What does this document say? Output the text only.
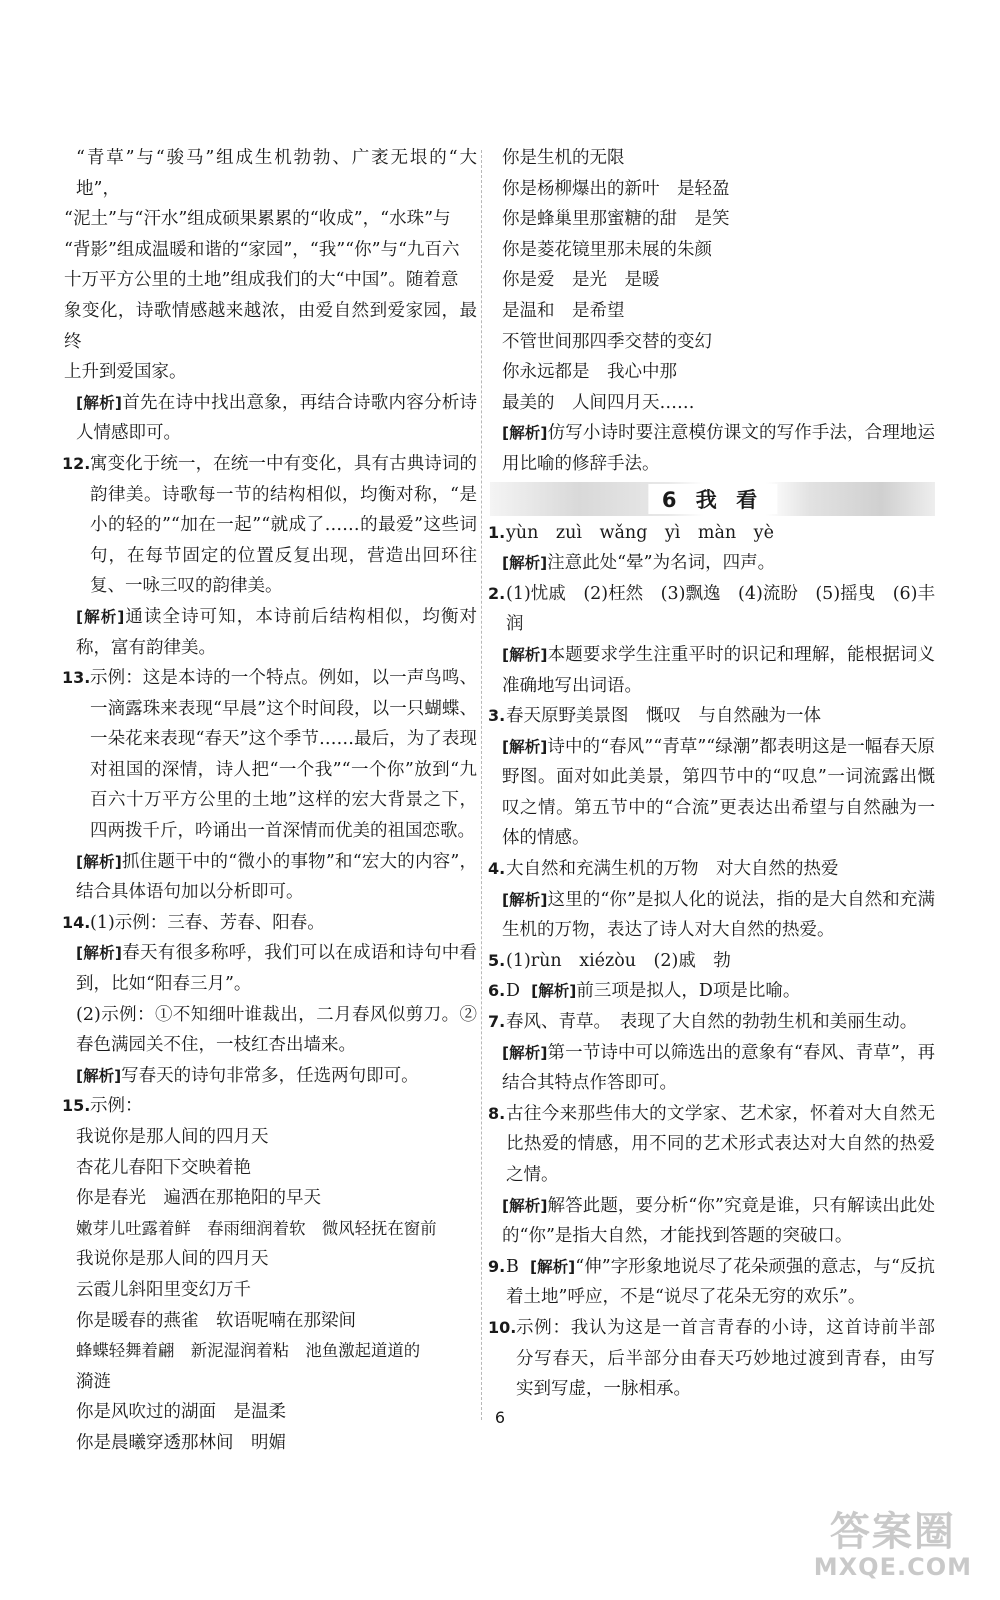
“青草”与“骏马”组成生机勃勃、广袤无垠的“大地”，

“泥土”与“汗水”组成硕果累累的“收成”，“水珠”与

“背影”组成温暖和谐的“家园”，“我”“你”与“九百六

十万平方公里的土地”组成我们的大“中国”。随着意

象变化，诗歌情感越来越浓，由爱自然到爱家园，最终

上升到爱国家。

[解析]首先在诗中找出意象，再结合诗歌内容分析诗人情感即可。

12. 寓变化于统一，在统一中有变化，具有古典诗词的韵律美。诗歌每一节的结构相似，均衡对称，“是小的轻的”“加在一起”“就成了……的最爱”这些词句，在每节固定的位置反复出现，营造出回环往复、一咏三叹的韵律美。

[解析]通读全诗可知，本诗前后结构相似，均衡对称，富有韵律美。

13. 示例：这是本诗的一个特点。例如，以一声鸟鸣、一滴露珠来表现“早晨”这个时间段，以一只蝴蝶、一朵花来表现“春天”这个季节……最后，为了表现对祖国的深情，诗人把“一个我”“一个你”放到“九百六十万平方公里的土地”这样的宏大背景之下，四两拨千斤，吟诵出一首深情而优美的祖国恋歌。

[解析]抓住题干中的“微小的事物”和“宏大的内容”，结合具体语句加以分析即可。

14. (1)示例：三春、芳春、阳春。

[解析]春天有很多称呼，我们可以在成语和诗句中看到，比如“阳春三月”。

(2)示例：①不知细叶谁裁出，二月春风似剪刀。②春色满园关不住，一枝红杏出墙来。

[解析]写春天的诗句非常多，任选两句即可。

15. 示例：

我说你是那人间的四月天

杏花儿春阳下交映着艳

你是春光　遍洒在那艳阳的早天

嫩芽儿吐露着鲜　春雨细润着软　微风轻抚在窗前

我说你是那人间的四月天

云霞儿斜阳里变幻万千

你是暖春的燕雀　软语呢喃在那梁间

蜂蝶轻舞着翩　新泥湿润着粘　池鱼激起道道的

漪涟

你是风吹过的湖面　是温柔

你是晨曦穿透那林间　明媚

你是生机的无限

你是杨柳爆出的新叶　是轻盈

你是蜂巢里那蜜糖的甜　是笑

你是菱花镜里那未展的朱颜

你是爱　是光　是暖

是温和　是希望

不管世间那四季交替的变幻

你永远都是　我心中那

最美的　人间四月天……

[解析]仿写小诗时要注意模仿课文的写作手法，合理地运用比喻的修辞手法。

6 我 看
1. yùn　zuì　wǎng　yì　màn　yè

[解析]注意此处“晕”为名词，四声。

2. (1)忧戚　(2)枉然　(3)飘逸　(4)流盼　(5)摇曳　(6)丰润

[解析]本题要求学生注重平时的识记和理解，能根据词义准确地写出词语。

3. 春天原野美景图　慨叹　与自然融为一体

[解析]诗中的“春风”“青草”“绿潮”都表明这是一幅春天原野图。面对如此美景，第四节中的“叹息”一词流露出慨叹之情。第五节中的“合流”更表达出希望与自然融为一体的情感。

4. 大自然和充满生机的万物　对大自然的热爱

[解析]这里的“你”是拟人化的说法，指的是大自然和充满生机的万物，表达了诗人对大自然的热爱。

5. (1)rùn　xiézòu　(2)戚　勃
6. D [解析]前三项是拟人，D项是比喻。
7. 春风、青草。　表现了大自然的勃勃生机和美丽生动。

[解析]第一节诗中可以筛选出的意象有“春风、青草”，再结合其特点作答即可。

8. 古往今来那些伟大的文学家、艺术家，怀着对大自然无比热爱的情感，用不同的艺术形式表达对大自然的热爱之情。

[解析]解答此题，要分析“你”究竟是谁，只有解读出此处的“你”是指大自然，才能找到答题的突破口。

9. B [解析]“伸”字形象地说尽了花朵顽强的意志，与“反抗着土地”呼应，不是“说尽了花朵无穷的欢乐”。
10. 示例：我认为这是一首言青春的小诗，这首诗前半部分写春天，后半部分由春天巧妙地过渡到青春，由写实到写虚，一脉相承。
6
答案圈
MXQE.COM
